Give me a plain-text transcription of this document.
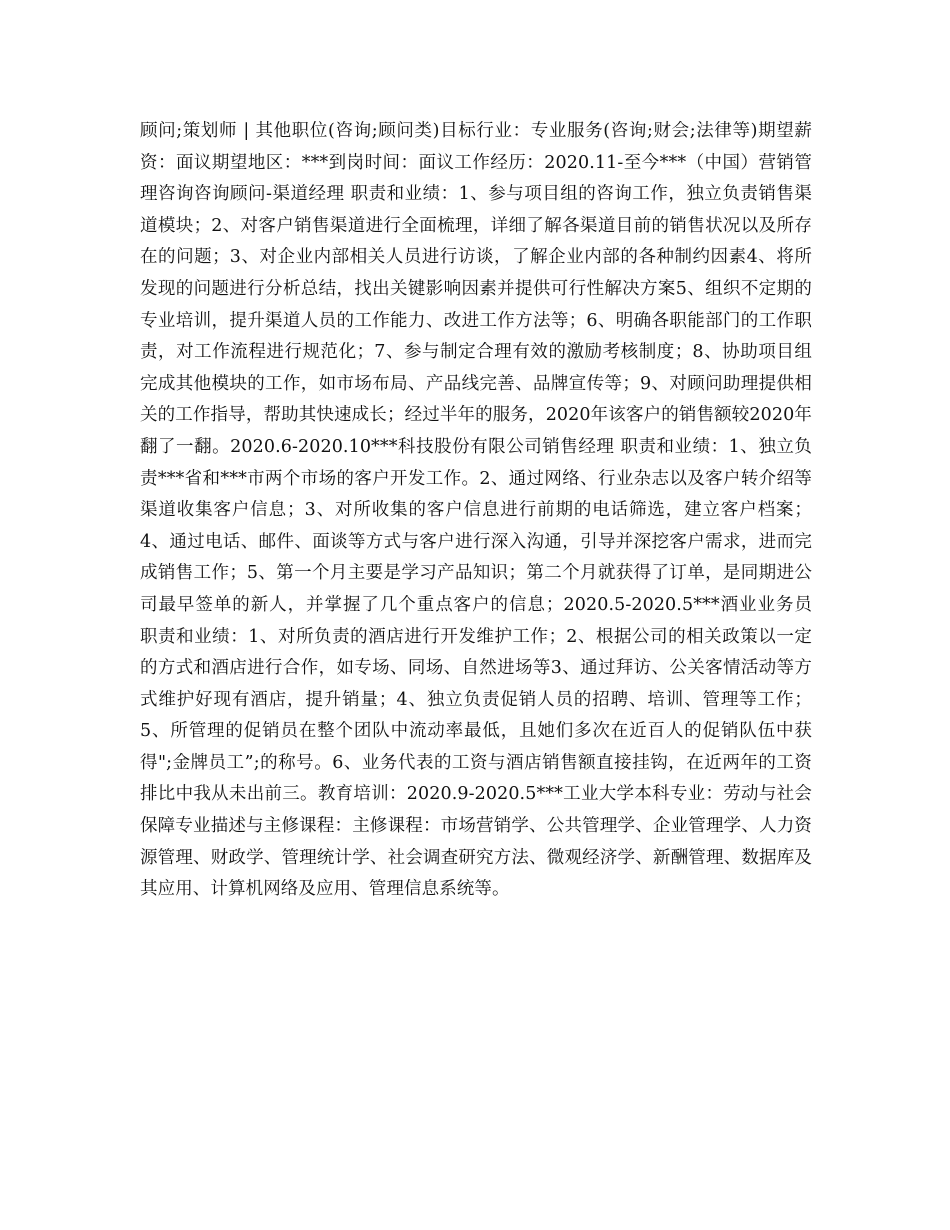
顾问;策划师 | 其他职位(咨询;顾问类)目标行业：专业服务(咨询;财会;法律等)期望薪资：面议期望地区：***到岗时间：面议工作经历：2020.11-至今***（中国）营销管理咨询咨询顾问-渠道经理 职责和业绩：1、参与项目组的咨询工作，独立负责销售渠道模块；2、对客户销售渠道进行全面梳理，详细了解各渠道目前的销售状况以及所存在的问题；3、对企业内部相关人员进行访谈，了解企业内部的各种制约因素4、将所发现的问题进行分析总结，找出关键影响因素并提供可行性解决方案5、组织不定期的专业培训，提升渠道人员的工作能力、改进工作方法等；6、明确各职能部门的工作职责，对工作流程进行规范化；7、参与制定合理有效的激励考核制度；8、协助项目组完成其他模块的工作，如市场布局、产品线完善、品牌宣传等；9、对顾问助理提供相关的工作指导，帮助其快速成长；经过半年的服务，2020年该客户的销售额较2020年翻了一翻。2020.6-2020.10***科技股份有限公司销售经理 职责和业绩：1、独立负责***省和***市两个市场的客户开发工作。2、通过网络、行业杂志以及客户转介绍等渠道收集客户信息；3、对所收集的客户信息进行前期的电话筛选，建立客户档案；4、通过电话、邮件、面谈等方式与客户进行深入沟通，引导并深挖客户需求，进而完成销售工作；5、第一个月主要是学习产品知识；第二个月就获得了订单，是同期进公司最早签单的新人，并掌握了几个重点客户的信息；2020.5-2020.5***酒业业务员 职责和业绩：1、对所负责的酒店进行开发维护工作；2、根据公司的相关政策以一定的方式和酒店进行合作，如专场、同场、自然进场等3、通过拜访、公关客情活动等方式维护好现有酒店，提升销量；4、独立负责促销人员的招聘、培训、管理等工作；5、所管理的促销员在整个团队中流动率最低，且她们多次在近百人的促销队伍中获得";金牌员工”;的称号。6、业务代表的工资与酒店销售额直接挂钩，在近两年的工资排比中我从未出前三。教育培训：2020.9-2020.5***工业大学本科专业：劳动与社会保障专业描述与主修课程：主修课程：市场营销学、公共管理学、企业管理学、人力资源管理、财政学、管理统计学、社会调查研究方法、微观经济学、新酬管理、数据库及其应用、计算机网络及应用、管理信息系统等。
